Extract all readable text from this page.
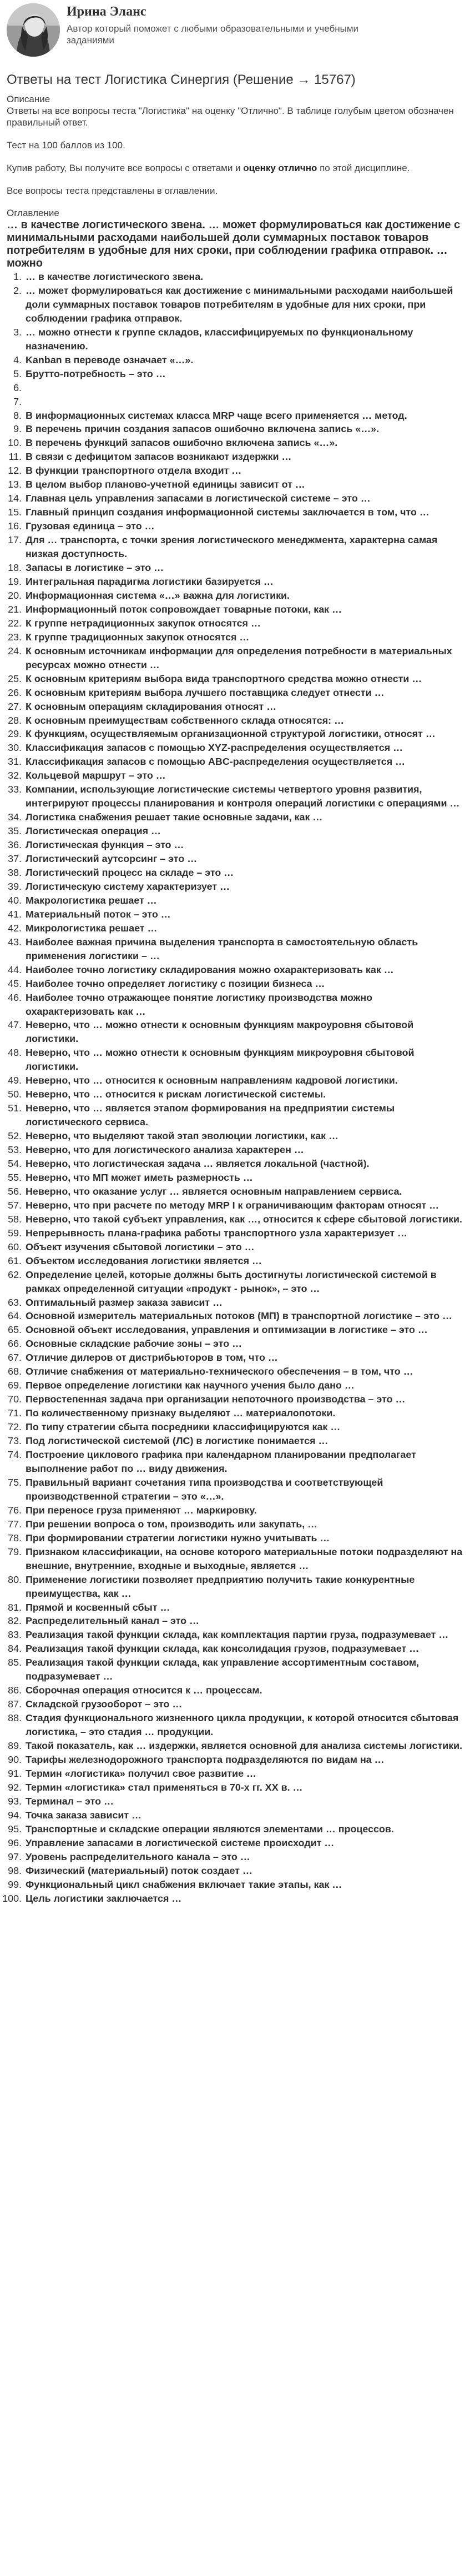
Ирина Эланс
Автор который поможет с любыми образовательными и учебными заданиями
Ответы на тест Логистика Синергия (Решение → 15767)

Описание

Ответы на все вопросы теста "Логистика" на оценку "Отлично". В таблице голубым цветом обозначен правильный ответ.

Тест на 100 баллов из 100.

Купив работу, Вы получите все вопросы с ответами и оценку отлично по этой дисциплине.

Все вопросы теста представлены в оглавлении.

Оглавление

… в качестве логистического звена. … может формулироваться как достижение с минимальными расходами наибольшей доли суммарных поставок товаров потребителям в удобные для них сроки, при соблюдении графика отправок. … можно

1. … в качестве логистического звена.
2. … может формулироваться как достижение с минимальными расходами наибольшей доли суммарных поставок товаров потребителям в удобные для них сроки, при соблюдении графика отправок.
3. … можно отнести к группе складов, классифицируемых по функциональному назначению.
4. Kanban в переводе означает «…».
5. Брутто-потребность – это …
6.
7.
8. В информационных системах класса MRP чаще всего применяется … метод.
9. В перечень причин создания запасов ошибочно включена запись «…».
10. В перечень функций запасов ошибочно включена запись «…».
11. В связи с дефицитом запасов возникают издержки …
12. В функции транспортного отдела входит …
13. В целом выбор планово-учетной единицы зависит от …
14. Главная цель управления запасами в логистической системе – это …
15. Главный принцип создания информационной системы заключается в том, что …
16. Грузовая единица – это …
17. Для … транспорта, с точки зрения логистического менеджмента, характерна самая низкая доступность.
18. Запасы в логистике – это …
19. Интегральная парадигма логистики базируется …
20. Информационная система «…» важна для логистики.
21. Информационный поток сопровождает товарные потоки, как …
22. К группе нетрадиционных закупок относятся …
23. К группе традиционных закупок относятся …
24. К основным источникам информации для определения потребности в материальных ресурсах можно отнести …
25. К основным критериям выбора вида транспортного средства можно отнести …
26. К основным критериям выбора лучшего поставщика следует отнести …
27. К основным операциям складирования относят …
28. К основным преимуществам собственного склада относятся: …
29. К функциям, осуществляемым организационной структурой логистики, относят …
30. Классификация запасов с помощью XYZ-распределения осуществляется …
31. Классификация запасов с помощью ABC-распределения осуществляется …
32. Кольцевой маршрут – это …
33. Компании, использующие логистические системы четвертого уровня развития, интегрируют процессы планирования и контроля операций логистики с операциями …
34. Логистика снабжения решает такие основные задачи, как …
35. Логистическая операция …
36. Логистическая функция – это …
37. Логистический аутсорсинг – это …
38. Логистический процесс на складе – это …
39. Логистическую систему характеризует …
40. Макрологистика решает …
41. Материальный поток – это …
42. Микрологистика решает …
43. Наиболее важная причина выделения транспорта в самостоятельную область применения логистики – …
44. Наиболее точно логистику складирования можно охарактеризовать как …
45. Наиболее точно определяет логистику с позиции бизнеса …
46. Наиболее точно отражающее понятие логистику производства можно охарактеризовать как …
47. Неверно, что … можно отнести к основным функциям макроуровня сбытовой логистики.
48. Неверно, что … можно отнести к основным функциям микроуровня сбытовой логистики.
49. Неверно, что … относится к основным направлениям кадровой логистики.
50. Неверно, что … относится к рискам логистической системы.
51. Неверно, что … является этапом формирования на предприятии системы логистического сервиса.
52. Неверно, что выделяют такой этап эволюции логистики, как …
53. Неверно, что для логистического анализа характерен …
54. Неверно, что логистическая задача … является локальной (частной).
55. Неверно, что МП может иметь размерность …
56. Неверно, что оказание услуг … является основным направлением сервиса.
57. Неверно, что при расчете по методу MRP I к ограничивающим факторам относят …
58. Неверно, что такой субъект управления, как …, относится к сфере сбытовой логистики.
59. Непрерывность плана-графика работы транспортного узла характеризует …
60. Объект изучения сбытовой логистики – это …
61. Объектом исследования логистики является …
62. Определение целей, которые должны быть достигнуты логистической системой в рамках определенной ситуации «продукт - рынок», – это …
63. Оптимальный размер заказа зависит …
64. Основной измеритель материальных потоков (МП) в транспортной логистике – это …
65. Основной объект исследования, управления и оптимизации в логистике – это …
66. Основные складские рабочие зоны – это …
67. Отличие дилеров от дистрибьюторов в том, что …
68. Отличие снабжения от материально-технического обеспечения – в том, что …
69. Первое определение логистики как научного учения было дано …
70. Первостепенная задача при организации непоточного производства – это …
71. По количественному признаку выделяют … материалопотоки.
72. По типу стратегии сбыта посредники классифицируются как …
73. Под логистической системой (ЛС) в логистике понимается …
74. Построение циклового графика при календарном планировании предполагает выполнение работ по … виду движения.
75. Правильный вариант сочетания типа производства и соответствующей производственной стратегии – это «…».
76. При переносе груза применяют … маркировку.
77. При решении вопроса о том, производить или закупать, …
78. При формировании стратегии логистики нужно учитывать …
79. Признаком классификации, на основе которого материальные потоки подразделяют на внешние, внутренние, входные и выходные, является …
80. Применение логистики позволяет предприятию получить такие конкурентные преимущества, как …
81. Прямой и косвенный сбыт …
82. Распределительный канал – это …
83. Реализация такой функции склада, как комплектация партии груза, подразумевает …
84. Реализация такой функции склада, как консолидация грузов, подразумевает …
85. Реализация такой функции склада, как управление ассортиментным составом, подразумевает …
86. Сборочная операция относится к … процессам.
87. Складской грузооборот – это …
88. Стадия функционального жизненного цикла продукции, к которой относится сбытовая логистика, – это стадия … продукции.
89. Такой показатель, как … издержки, является основной для анализа системы логистики.
90. Тарифы железнодорожного транспорта подразделяются по видам на …
91. Термин «логистика» получил свое развитие …
92. Термин «логистика» стал применяться в 70-х гг. XX в. …
93. Терминал – это …
94. Точка заказа зависит …
95. Транспортные и складские операции являются элементами … процессов.
96. Управление запасами в логистической системе происходит …
97. Уровень распределительного канала – это …
98. Физический (материальный) поток создает …
99. Функциональный цикл снабжения включает такие этапы, как …
100. Цель логистики заключается …
